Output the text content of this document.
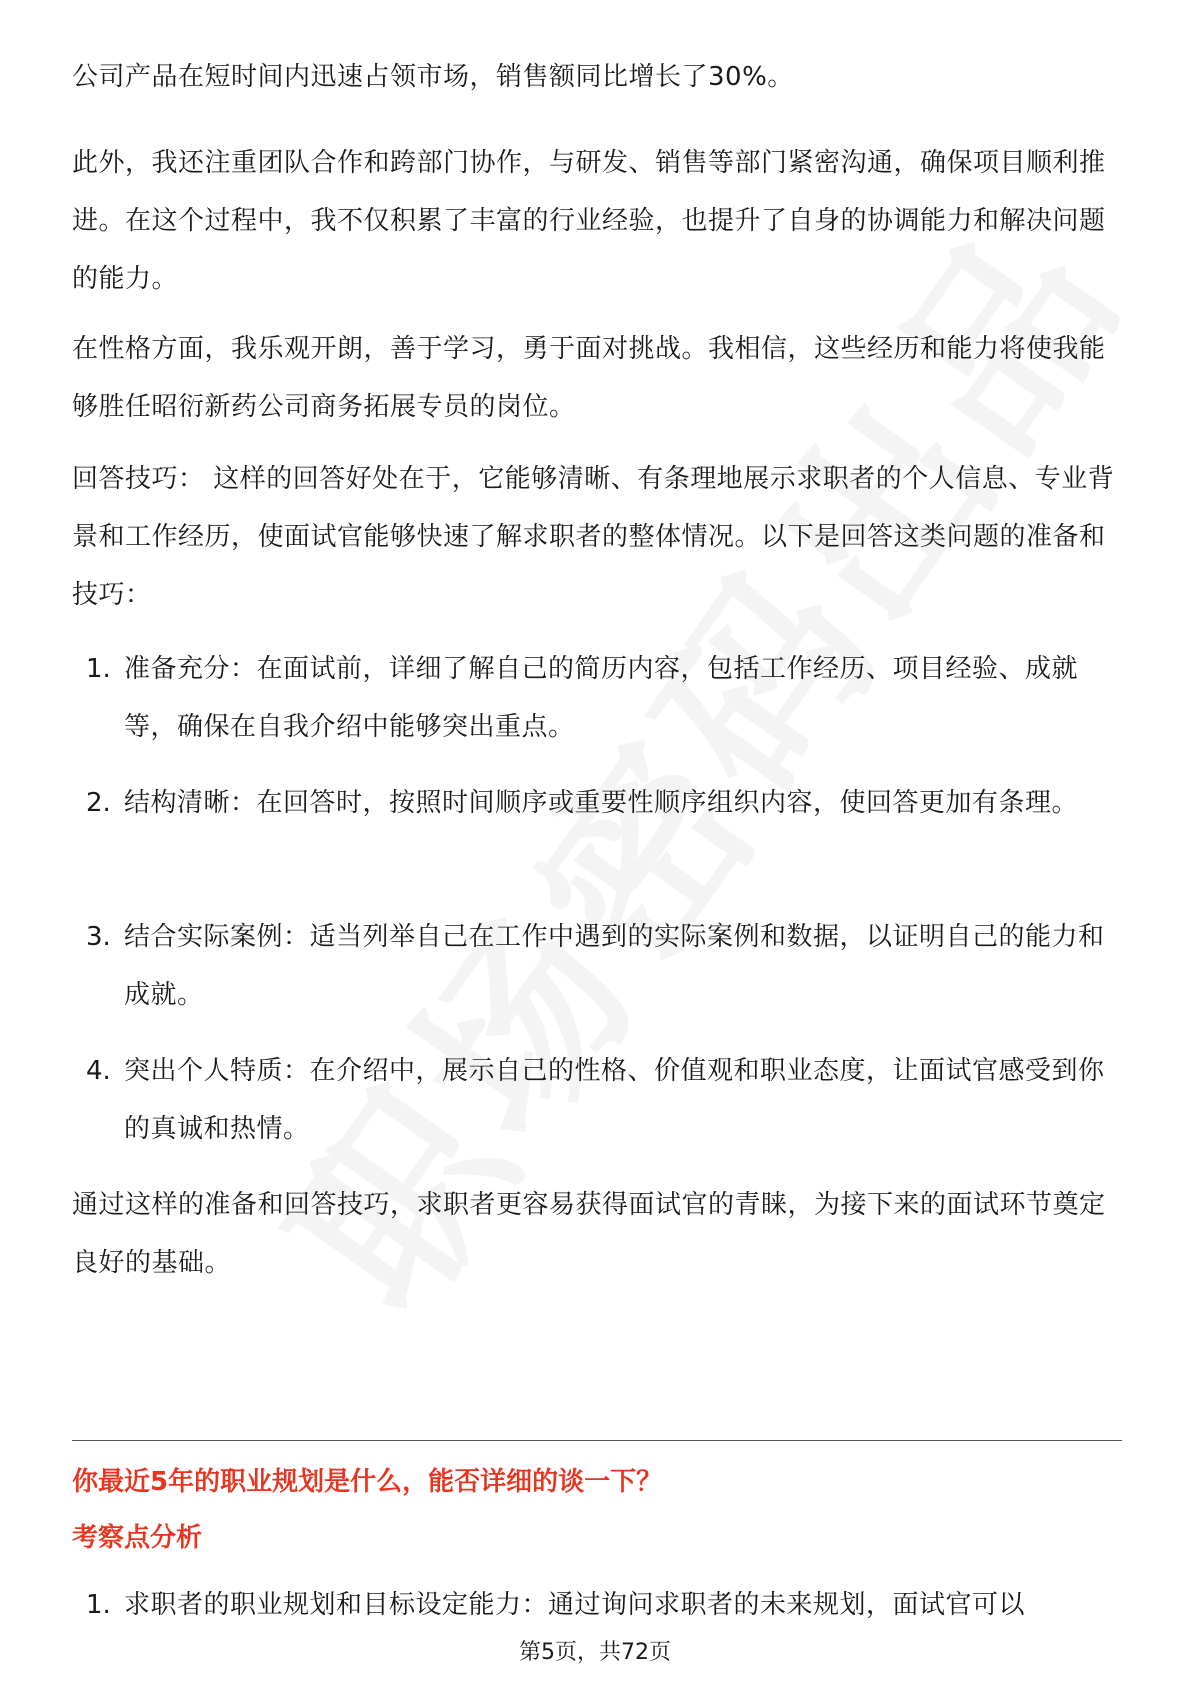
公司产品在短时间内迅速占领市场，销售额同比增长了30%。

此外，我还注重团队合作和跨部门协作，与研发、销售等部门紧密沟通，确保项目顺利推进。在这个过程中，我不仅积累了丰富的行业经验，也提升了自身的协调能力和解决问题的能力。

在性格方面，我乐观开朗，善于学习，勇于面对挑战。我相信，这些经历和能力将使我能够胜任昭衍新药公司商务拓展专员的岗位。

回答技巧： 这样的回答好处在于，它能够清晰、有条理地展示求职者的个人信息、专业背景和工作经历，使面试官能够快速了解求职者的整体情况。以下是回答这类问题的准备和技巧：

1. 准备充分：在面试前，详细了解自己的简历内容，包括工作经历、项目经验、成就等，确保在自我介绍中能够突出重点。
2. 结构清晰：在回答时，按照时间顺序或重要性顺序组织内容，使回答更加有条理。
3. 结合实际案例：适当列举自己在工作中遇到的实际案例和数据，以证明自己的能力和成就。
4. 突出个人特质：在介绍中，展示自己的性格、价值观和职业态度，让面试官感受到你的真诚和热情。

通过这样的准备和回答技巧，求职者更容易获得面试官的青睐，为接下来的面试环节奠定良好的基础。

你最近5年的职业规划是什么，能否详细的谈一下？

考察点分析

1. 求职者的职业规划和目标设定能力：通过询问求职者的未来规划，面试官可以
第5页，共72页
